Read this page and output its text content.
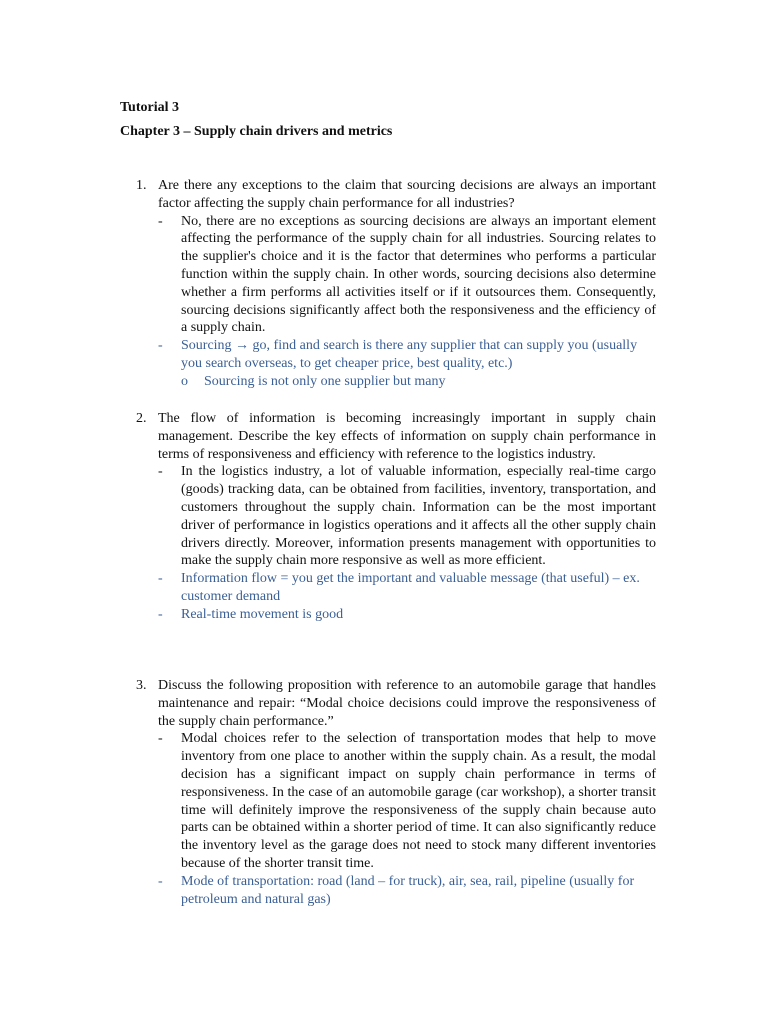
Tutorial 3

Chapter 3 – Supply chain drivers and metrics

1. Are there any exceptions to the claim that sourcing decisions are always an important factor affecting the supply chain performance for all industries?
-	No, there are no exceptions as sourcing decisions are always an important element affecting the performance of the supply chain for all industries. Sourcing relates to the supplier's choice and it is the factor that determines who performs a particular function within the supply chain. In other words, sourcing decisions also determine whether a firm performs all activities itself or if it outsources them. Consequently, sourcing decisions significantly affect both the responsiveness and the efficiency of a supply chain.
-	Sourcing → go, find and search is there any supplier that can supply you (usually you search overseas, to get cheaper price, best quality, etc.)
o	Sourcing is not only one supplier but many
2. The flow of information is becoming increasingly important in supply chain management. Describe the key effects of information on supply chain performance in terms of responsiveness and efficiency with reference to the logistics industry.
-	In the logistics industry, a lot of valuable information, especially real-time cargo (goods) tracking data, can be obtained from facilities, inventory, transportation, and customers throughout the supply chain. Information can be the most important driver of performance in logistics operations and it affects all the other supply chain drivers directly. Moreover, information presents management with opportunities to make the supply chain more responsive as well as more efficient.
-	Information flow = you get the important and valuable message (that useful) – ex. customer demand
-	Real-time movement is good
3. Discuss the following proposition with reference to an automobile garage that handles maintenance and repair: “Modal choice decisions could improve the responsiveness of the supply chain performance.”
-	Modal choices refer to the selection of transportation modes that help to move inventory from one place to another within the supply chain. As a result, the modal decision has a significant impact on supply chain performance in terms of responsiveness. In the case of an automobile garage (car workshop), a shorter transit time will definitely improve the responsiveness of the supply chain because auto parts can be obtained within a shorter period of time. It can also significantly reduce the inventory level as the garage does not need to stock many different inventories because of the shorter transit time.
-	Mode of transportation: road (land – for truck), air, sea, rail, pipeline (usually for petroleum and natural gas)
